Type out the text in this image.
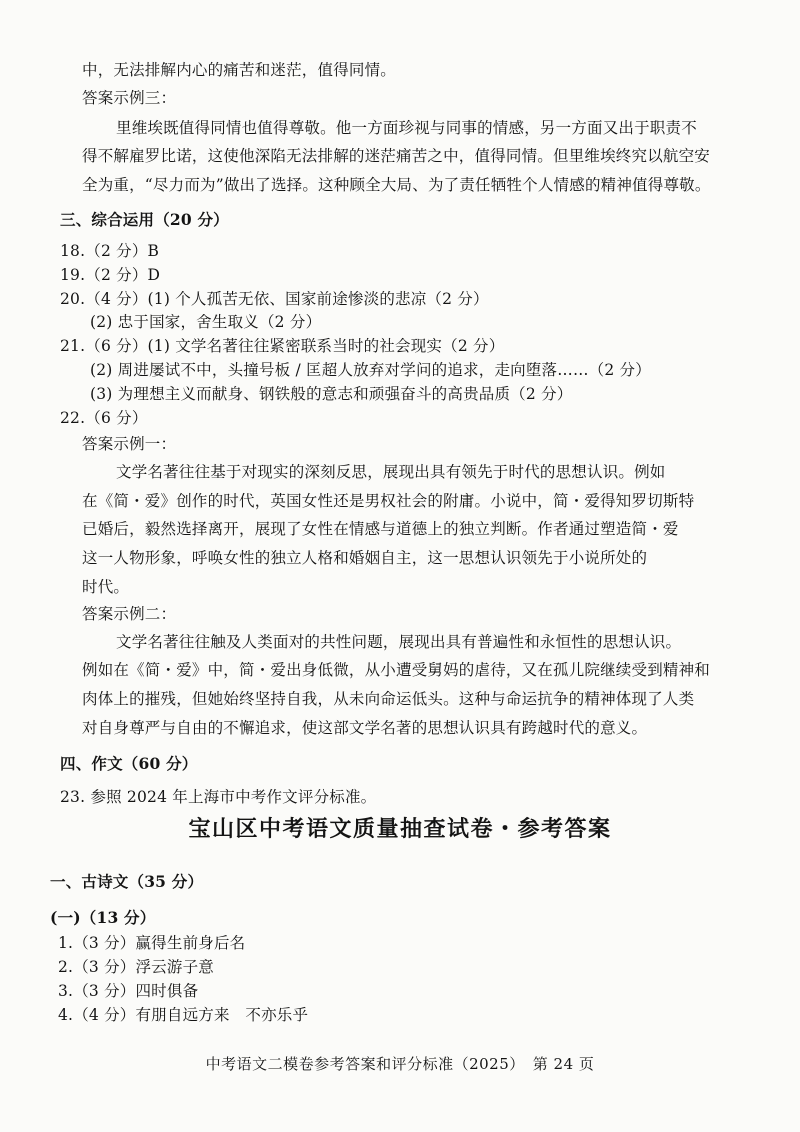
中，无法排解内心的痛苦和迷茫，值得同情。
答案示例三：
里维埃既值得同情也值得尊敬。他一方面珍视与同事的情感，另一方面又出于职责不
得不解雇罗比诺，这使他深陷无法排解的迷茫痛苦之中，值得同情。但里维埃终究以航空安
全为重，“尽力而为”做出了选择。这种顾全大局、为了责任牺牲个人情感的精神值得尊敬。
三、综合运用（20 分）
18.（2 分）B
19.（2 分）D
20.（4 分）(1) 个人孤苦无依、国家前途惨淡的悲凉（2 分）
(2) 忠于国家，舍生取义（2 分）
21.（6 分）(1) 文学名著往往紧密联系当时的社会现实（2 分）
(2) 周进屡试不中，头撞号板 / 匡超人放弃对学问的追求，走向堕落……（2 分）
(3) 为理想主义而献身、钢铁般的意志和顽强奋斗的高贵品质（2 分）
22.（6 分）
答案示例一：
文学名著往往基于对现实的深刻反思，展现出具有领先于时代的思想认识。例如
在《简・爱》创作的时代，英国女性还是男权社会的附庸。小说中，简・爱得知罗切斯特
已婚后，毅然选择离开，展现了女性在情感与道德上的独立判断。作者通过塑造简・爱
这一人物形象，呼唤女性的独立人格和婚姻自主，这一思想认识领先于小说所处的
时代。
答案示例二：
文学名著往往触及人类面对的共性问题，展现出具有普遍性和永恒性的思想认识。
例如在《简・爱》中，简・爱出身低微，从小遭受舅妈的虐待，又在孤儿院继续受到精神和
肉体上的摧残，但她始终坚持自我，从未向命运低头。这种与命运抗争的精神体现了人类
对自身尊严与自由的不懈追求，使这部文学名著的思想认识具有跨越时代的意义。
四、作文（60 分）
23. 参照 2024 年上海市中考作文评分标准。
宝山区中考语文质量抽查试卷・参考答案
一、古诗文（35 分）
(一)（13 分）
1.（3 分）赢得生前身后名
2.（3 分）浮云游子意
3.（3 分）四时俱备
4.（4 分）有朋自远方来　不亦乐乎
中考语文二模卷参考答案和评分标准（2025）　第 24 页
